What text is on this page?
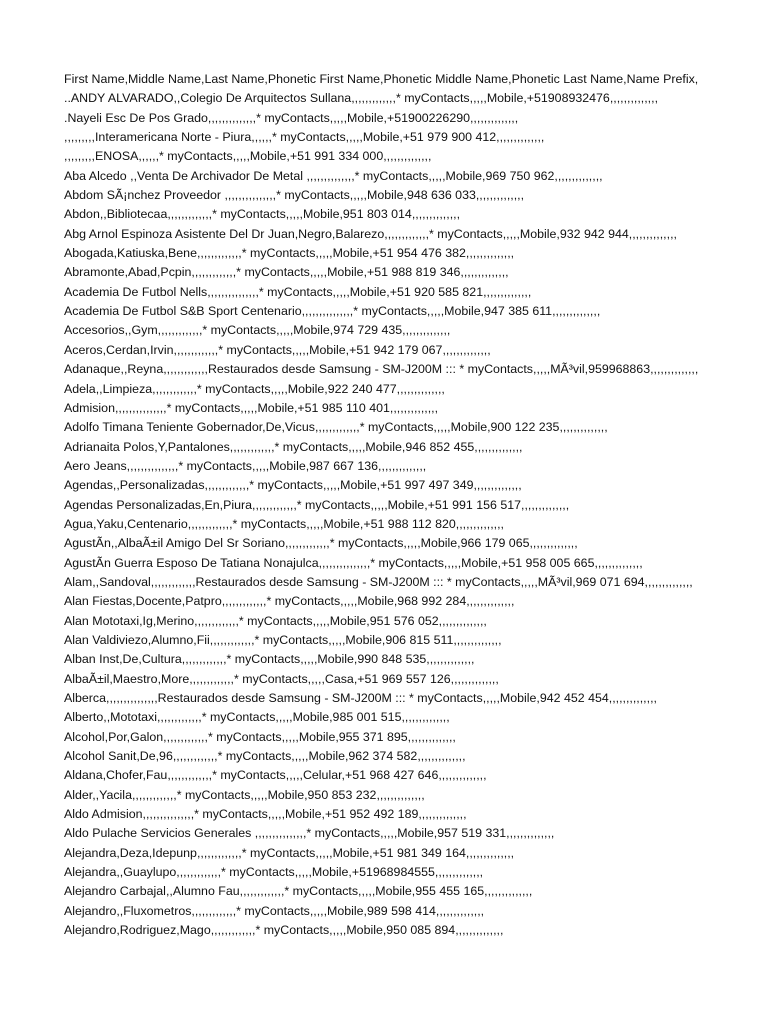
First Name,Middle Name,Last Name,Phonetic First Name,Phonetic Middle Name,Phonetic Last Name,Name Prefix,
..ANDY ALVARADO,,Colegio De Arquitectos Sullana,,,,,,,,,,,,,* myContacts,,,,,Mobile,+51908932476,,,,,,,,,,,,,,
.Nayeli Esc De Pos Grado,,,,,,,,,,,,,,* myContacts,,,,,Mobile,+51900226290,,,,,,,,,,,,,,
,,,,,,,,,Interamericana Norte - Piura,,,,,,* myContacts,,,,,Mobile,+51 979 900 412,,,,,,,,,,,,,,
,,,,,,,,,ENOSA,,,,,,* myContacts,,,,,Mobile,+51 991 334 000,,,,,,,,,,,,,,
Aba Alcedo ,,Venta De Archivador De Metal ,,,,,,,,,,,,,,* myContacts,,,,,Mobile,969 750 962,,,,,,,,,,,,,,
Abdom SÃ¡nchez Proveedor ,,,,,,,,,,,,,,,* myContacts,,,,,Mobile,948 636 033,,,,,,,,,,,,,,
Abdon,,Bibliotecaa,,,,,,,,,,,,,* myContacts,,,,,Mobile,951 803 014,,,,,,,,,,,,,,
Abg Arnol Espinoza Asistente Del Dr Juan,Negro,Balarezo,,,,,,,,,,,,,* myContacts,,,,,Mobile,932 942 944,,,,,,,,,,,,,,
Abogada,Katiuska,Bene,,,,,,,,,,,,,* myContacts,,,,,Mobile,+51 954 476 382,,,,,,,,,,,,,,
Abramonte,Abad,Pcpin,,,,,,,,,,,,,* myContacts,,,,,Mobile,+51 988 819 346,,,,,,,,,,,,,,
Academia De Futbol Nells,,,,,,,,,,,,,,,* myContacts,,,,,Mobile,+51 920 585 821,,,,,,,,,,,,,,
Academia De Futbol S&B Sport Centenario,,,,,,,,,,,,,,,* myContacts,,,,,Mobile,947 385 611,,,,,,,,,,,,,,
Accesorios,,Gym,,,,,,,,,,,,,* myContacts,,,,,Mobile,974 729 435,,,,,,,,,,,,,,
Aceros,Cerdan,Irvin,,,,,,,,,,,,,* myContacts,,,,,Mobile,+51 942 179 067,,,,,,,,,,,,,,
Adanaque,,Reyna,,,,,,,,,,,,,Restaurados desde Samsung - SM-J200M ::: * myContacts,,,,,MÃ³vil,959968863,,,,,,,,,,,,,,
Adela,,Limpieza,,,,,,,,,,,,,* myContacts,,,,,Mobile,922 240 477,,,,,,,,,,,,,,
Admision,,,,,,,,,,,,,,,* myContacts,,,,,Mobile,+51 985 110 401,,,,,,,,,,,,,,
Adolfo Timana Teniente Gobernador,De,Vicus,,,,,,,,,,,,,* myContacts,,,,,Mobile,900 122 235,,,,,,,,,,,,,,
Adrianaita Polos,Y,Pantalones,,,,,,,,,,,,,* myContacts,,,,,Mobile,946 852 455,,,,,,,,,,,,,,
Aero Jeans,,,,,,,,,,,,,,,* myContacts,,,,,Mobile,987 667 136,,,,,,,,,,,,,,
Agendas,,Personalizadas,,,,,,,,,,,,,* myContacts,,,,,Mobile,+51 997 497 349,,,,,,,,,,,,,,
Agendas Personalizadas,En,Piura,,,,,,,,,,,,,* myContacts,,,,,Mobile,+51 991 156 517,,,,,,,,,,,,,,
Agua,Yaku,Centenario,,,,,,,,,,,,,* myContacts,,,,,Mobile,+51 988 112 820,,,,,,,,,,,,,,
AgustÃn,,AlbaÃ±il Amigo Del Sr Soriano,,,,,,,,,,,,,* myContacts,,,,,Mobile,966 179 065,,,,,,,,,,,,,,
AgustÃn Guerra Esposo De Tatiana Nonajulca,,,,,,,,,,,,,,,* myContacts,,,,,Mobile,+51 958 005 665,,,,,,,,,,,,,,
Alam,,Sandoval,,,,,,,,,,,,,Restaurados desde Samsung - SM-J200M ::: * myContacts,,,,,MÃ³vil,969 071 694,,,,,,,,,,,,,,
Alan Fiestas,Docente,Patpro,,,,,,,,,,,,,* myContacts,,,,,Mobile,968 992 284,,,,,,,,,,,,,,
Alan Mototaxi,Ig,Merino,,,,,,,,,,,,,* myContacts,,,,,Mobile,951 576 052,,,,,,,,,,,,,,
Alan Valdiviezo,Alumno,Fii,,,,,,,,,,,,,* myContacts,,,,,Mobile,906 815 511,,,,,,,,,,,,,,
Alban Inst,De,Cultura,,,,,,,,,,,,,* myContacts,,,,,Mobile,990 848 535,,,,,,,,,,,,,,
AlbaÃ±il,Maestro,More,,,,,,,,,,,,,* myContacts,,,,,Casa,+51 969 557 126,,,,,,,,,,,,,,
Alberca,,,,,,,,,,,,,,,Restaurados desde Samsung - SM-J200M ::: * myContacts,,,,,Mobile,942 452 454,,,,,,,,,,,,,,
Alberto,,Mototaxi,,,,,,,,,,,,,* myContacts,,,,,Mobile,985 001 515,,,,,,,,,,,,,,
Alcohol,Por,Galon,,,,,,,,,,,,,* myContacts,,,,,Mobile,955 371 895,,,,,,,,,,,,,,
Alcohol Sanit,De,96,,,,,,,,,,,,,* myContacts,,,,,Mobile,962 374 582,,,,,,,,,,,,,,
Aldana,Chofer,Fau,,,,,,,,,,,,,* myContacts,,,,,Celular,+51 968 427 646,,,,,,,,,,,,,,
Alder,,Yacila,,,,,,,,,,,,,* myContacts,,,,,Mobile,950 853 232,,,,,,,,,,,,,,
Aldo Admision,,,,,,,,,,,,,,,* myContacts,,,,,Mobile,+51 952 492 189,,,,,,,,,,,,,,
Aldo Pulache Servicios Generales ,,,,,,,,,,,,,,,* myContacts,,,,,Mobile,957 519 331,,,,,,,,,,,,,,
Alejandra,Deza,Idepunp,,,,,,,,,,,,,* myContacts,,,,,Mobile,+51 981 349 164,,,,,,,,,,,,,,
Alejandra,,Guaylupo,,,,,,,,,,,,,* myContacts,,,,,Mobile,+51968984555,,,,,,,,,,,,,,
Alejandro Carbajal,,Alumno Fau,,,,,,,,,,,,,* myContacts,,,,,Mobile,955 455 165,,,,,,,,,,,,,,
Alejandro,,Fluxometros,,,,,,,,,,,,,* myContacts,,,,,Mobile,989 598 414,,,,,,,,,,,,,,
Alejandro,Rodriguez,Mago,,,,,,,,,,,,,* myContacts,,,,,Mobile,950 085 894,,,,,,,,,,,,,,
